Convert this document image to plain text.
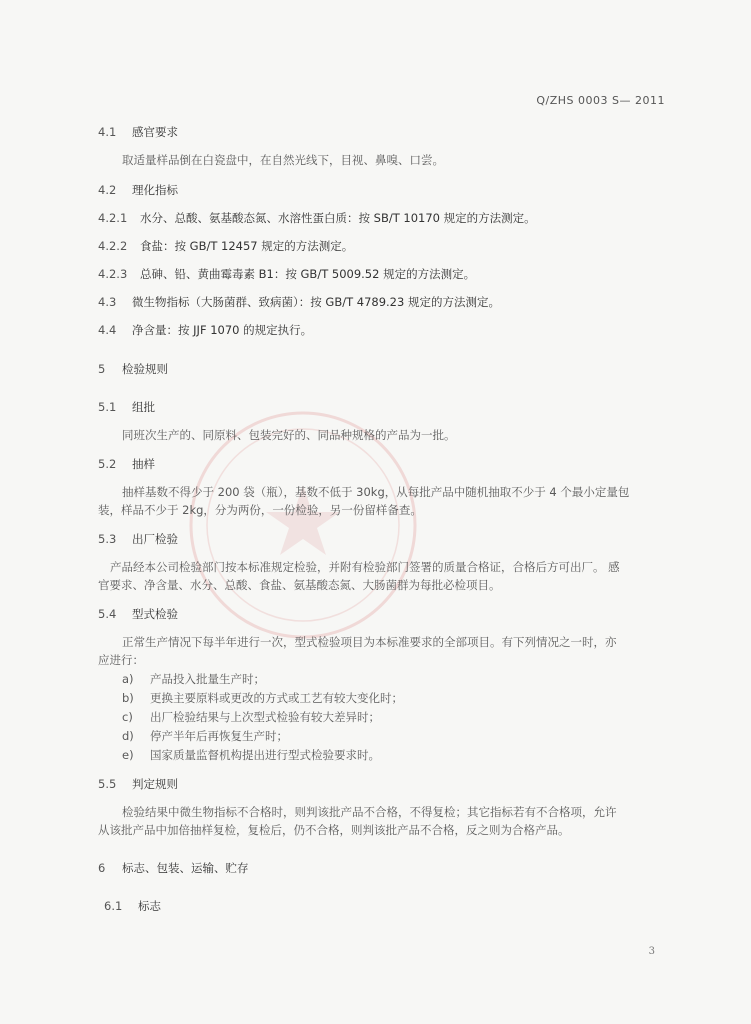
Q/ZHS 0003 S— 2011
4.1 感官要求
取适量样品倒在白瓷盘中，在自然光线下，目视、鼻嗅、口尝。
4.2 理化指标
4.2.1 水分、总酸、氨基酸态氮、水溶性蛋白质：按 SB/T 10170 规定的方法测定。
4.2.2 食盐：按 GB/T 12457 规定的方法测定。
4.2.3 总砷、铅、黄曲霉毒素 B1：按 GB/T 5009.52 规定的方法测定。
4.3 微生物指标（大肠菌群、致病菌）：按 GB/T 4789.23 规定的方法测定。
4.4 净含量：按 JJF 1070 的规定执行。
5 检验规则
5.1 组批
同班次生产的、同原料、包装完好的、同品种规格的产品为一批。
5.2 抽样
抽样基数不得少于 200 袋（瓶），基数不低于 30kg，从每批产品中随机抽取不少于 4 个最小定量包
装，样品不少于 2kg，分为两份，一份检验，另一份留样备查。
5.3 出厂检验
产品经本公司检验部门按本标准规定检验，并附有检验部门签署的质量合格证，合格后方可出厂。 感
官要求、净含量、水分、总酸、食盐、氨基酸态氮、大肠菌群为每批必检项目。
5.4 型式检验
正常生产情况下每半年进行一次，型式检验项目为本标准要求的全部项目。有下列情况之一时，亦
应进行：
a) 产品投入批量生产时；
b) 更换主要原料或更改的方式或工艺有较大变化时；
c) 出厂检验结果与上次型式检验有较大差异时；
d) 停产半年后再恢复生产时；
e) 国家质量监督机构提出进行型式检验要求时。
5.5 判定规则
检验结果中微生物指标不合格时，则判该批产品不合格，不得复检；其它指标若有不合格项，允许
从该批产品中加倍抽样复检，复检后，仍不合格，则判该批产品不合格，反之则为合格产品。
6 标志、包装、运输、贮存
6.1 标志
3
